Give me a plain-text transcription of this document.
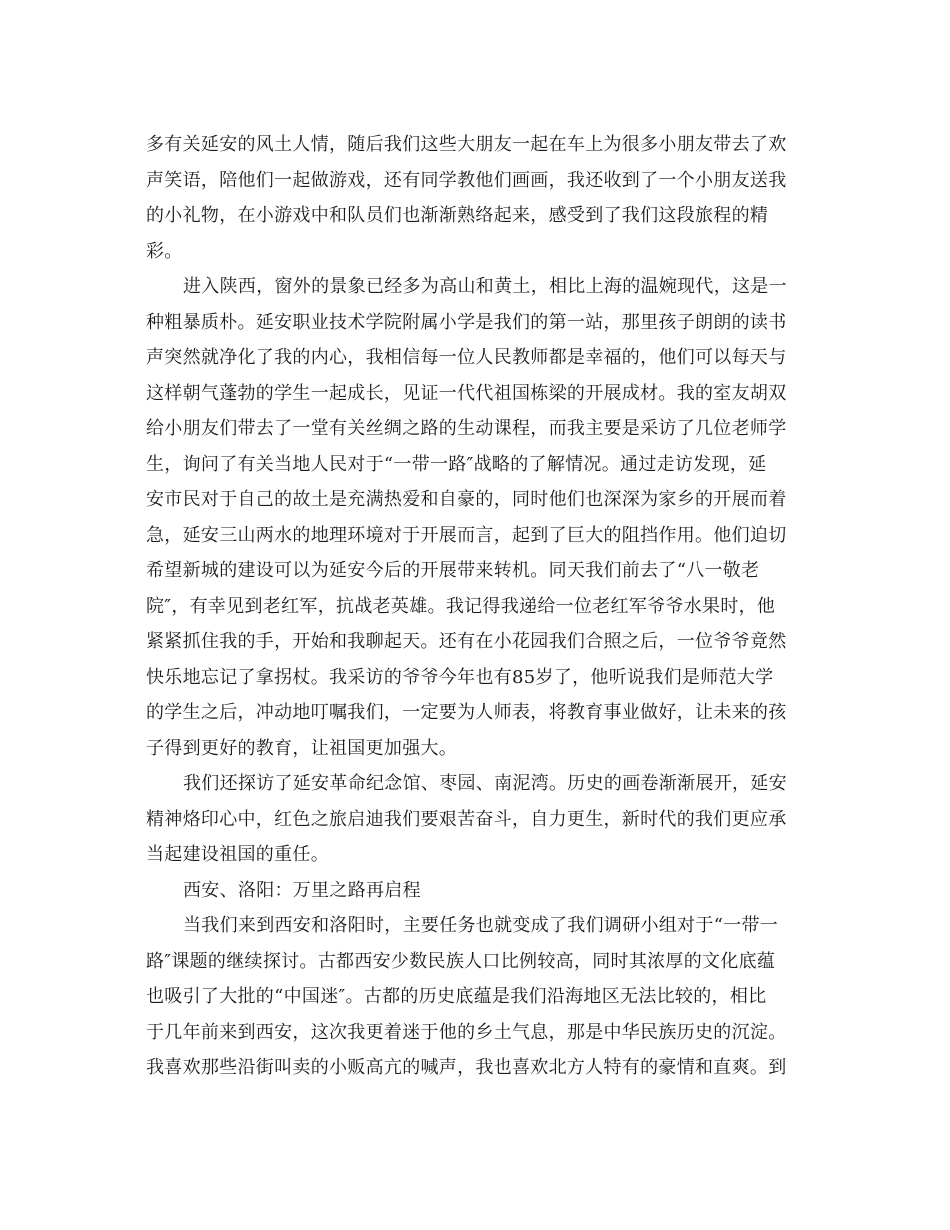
多有关延安的风土人情，随后我们这些大朋友一起在车上为很多小朋友带去了欢
声笑语，陪他们一起做游戏，还有同学教他们画画，我还收到了一个小朋友送我
的小礼物，在小游戏中和队员们也渐渐熟络起来，感受到了我们这段旅程的精
彩。
进入陕西，窗外的景象已经多为高山和黄土，相比上海的温婉现代，这是一
种粗暴质朴。延安职业技术学院附属小学是我们的第一站，那里孩子朗朗的读书
声突然就净化了我的内心，我相信每一位人民教师都是幸福的，他们可以每天与
这样朝气蓬勃的学生一起成长，见证一代代祖国栋梁的开展成材。我的室友胡双
给小朋友们带去了一堂有关丝绸之路的生动课程，而我主要是采访了几位老师学
生，询问了有关当地人民对于“一带一路″战略的了解情况。通过走访发现，延
安市民对于自己的故土是充满热爱和自豪的，同时他们也深深为家乡的开展而着
急，延安三山两水的地理环境对于开展而言，起到了巨大的阻挡作用。他们迫切
希望新城的建设可以为延安今后的开展带来转机。同天我们前去了“八一敬老
院″，有幸见到老红军，抗战老英雄。我记得我递给一位老红军爷爷水果时，他
紧紧抓住我的手，开始和我聊起天。还有在小花园我们合照之后，一位爷爷竟然
快乐地忘记了拿拐杖。我采访的爷爷今年也有85岁了，他听说我们是师范大学
的学生之后，冲动地叮嘱我们，一定要为人师表，将教育事业做好，让未来的孩
子得到更好的教育，让祖国更加强大。
我们还探访了延安革命纪念馆、枣园、南泥湾。历史的画卷渐渐展开，延安
精神烙印心中，红色之旅启迪我们要艰苦奋斗，自力更生，新时代的我们更应承
当起建设祖国的重任。
西安、洛阳：万里之路再启程
当我们来到西安和洛阳时，主要任务也就变成了我们调研小组对于“一带一
路″课题的继续探讨。古都西安少数民族人口比例较高，同时其浓厚的文化底蕴
也吸引了大批的“中国迷″。古都的历史底蕴是我们沿海地区无法比较的，相比
于几年前来到西安，这次我更着迷于他的乡土气息，那是中华民族历史的沉淀。
我喜欢那些沿街叫卖的小贩高亢的喊声，我也喜欢北方人特有的豪情和直爽。到
